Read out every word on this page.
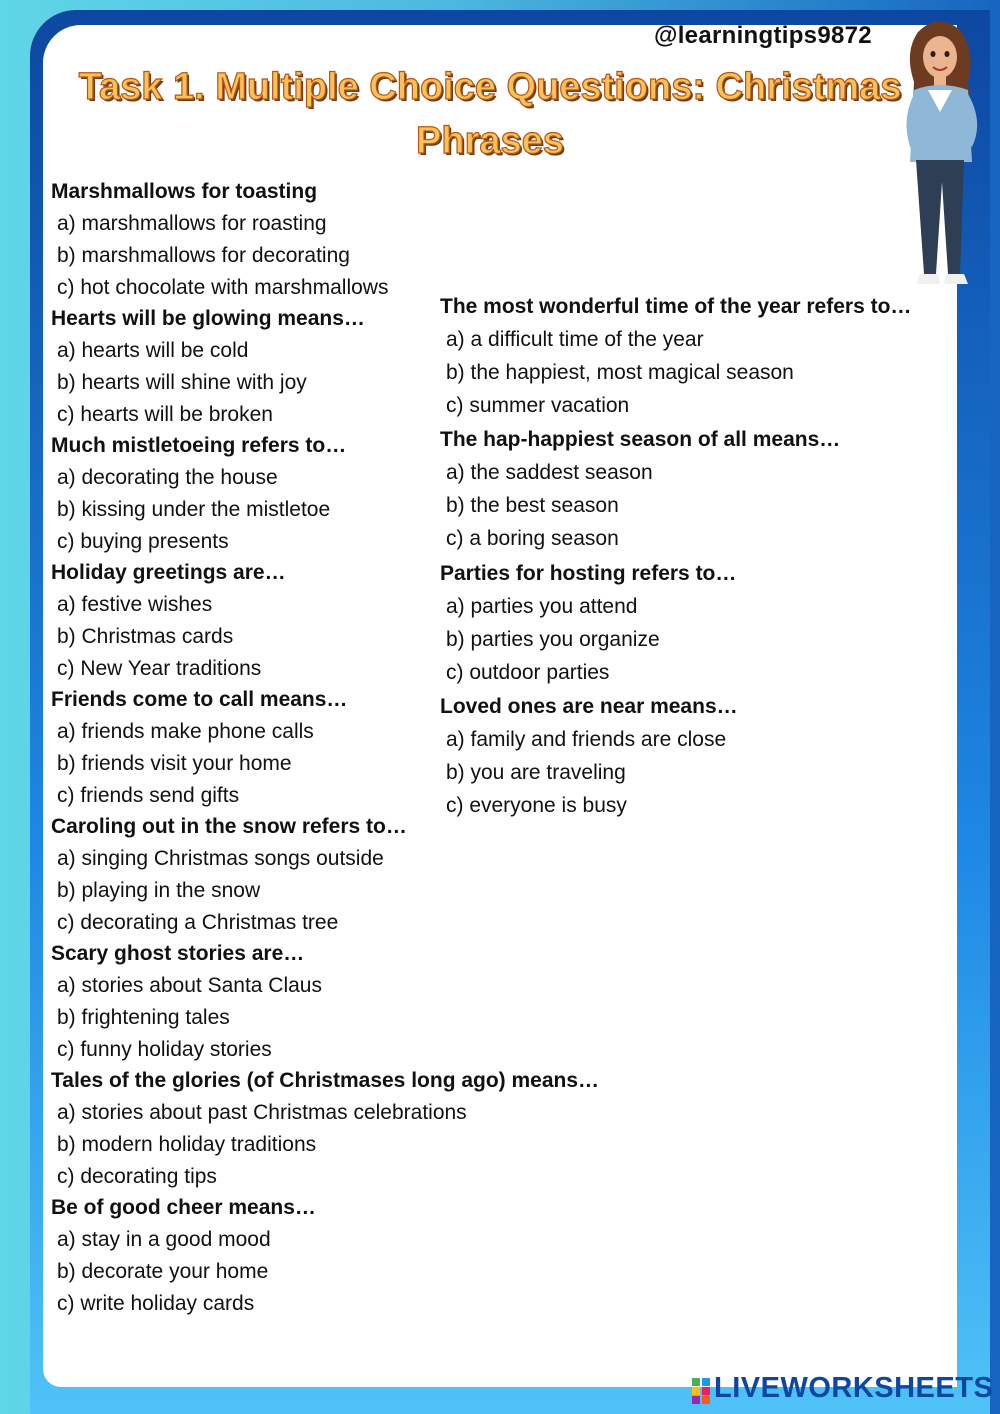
@learningtips9872
Task 1. Multiple Choice Questions: Christmas
Phrases
Marshmallows for toasting
a) marshmallows for roasting
b) marshmallows for decorating
c) hot chocolate with marshmallows
Hearts will be glowing means…
a) hearts will be cold
b) hearts will shine with joy
c) hearts will be broken
Much mistletoeing refers to…
a) decorating the house
b) kissing under the mistletoe
c) buying presents
Holiday greetings are…
a) festive wishes
b) Christmas cards
c) New Year traditions
Friends come to call means…
a) friends make phone calls
b) friends visit your home
c) friends send gifts
Caroling out in the snow refers to…
a) singing Christmas songs outside
b) playing in the snow
c) decorating a Christmas tree
Scary ghost stories are…
a) stories about Santa Claus
b) frightening tales
c) funny holiday stories
Tales of the glories (of Christmases long ago) means…
a) stories about past Christmas celebrations
b) modern holiday traditions
c) decorating tips
Be of good cheer means…
a) stay in a good mood
b) decorate your home
c) write holiday cards
The most wonderful time of the year refers to…
a) a difficult time of the year
b) the happiest, most magical season
c) summer vacation
The hap-happiest season of all means…
a) the saddest season
b) the best season
c) a boring season
Parties for hosting refers to…
a) parties you attend
b) parties you organize
c) outdoor parties
Loved ones are near means…
a) family and friends are close
b) you are traveling
c) everyone is busy
LIVEWORKSHEETS
